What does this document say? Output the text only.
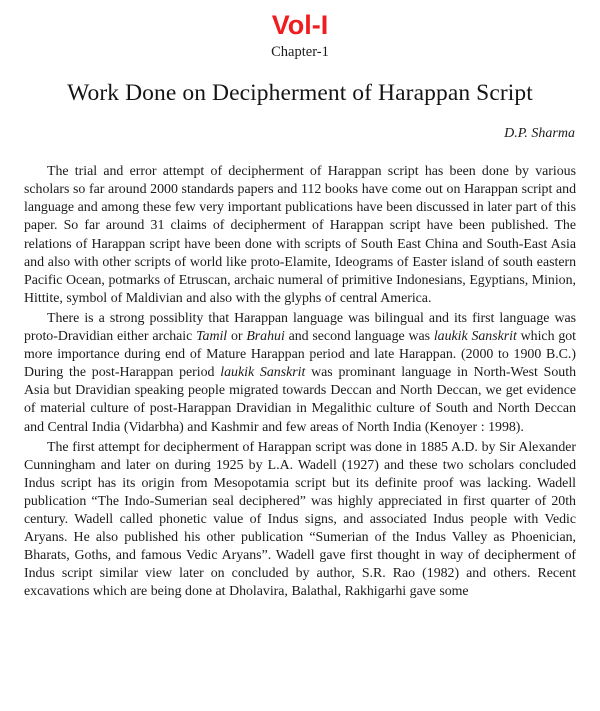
Vol-I
Chapter-1
Work Done on Decipherment of Harappan Script
D.P. Sharma

The trial and error attempt of decipherment of Harappan script has been done by various scholars so far around 2000 standards papers and 112 books have come out on Harappan script and language and among these few very important publications have been discussed in later part of this paper. So far around 31 claims of decipherment of Harappan script have been published. The relations of Harappan script have been done with scripts of South East China and South-East Asia and also with other scripts of world like proto-Elamite, Ideograms of Easter island of south eastern Pacific Ocean, potmarks of Etruscan, archaic numeral of primitive Indonesians, Egyptians, Minion, Hittite, symbol of Maldivian and also with the glyphs of central America.

There is a strong possiblity that Harappan language was bilingual and its first language was proto-Dravidian either archaic Tamil or Brahui and second language was laukik Sanskrit which got more importance during end of Mature Harappan period and late Harappan. (2000 to 1900 B.C.) During the post-Harappan period laukik Sanskrit was prominant language in North-West South Asia but Dravidian speaking people migrated towards Deccan and North Deccan, we get evidence of material culture of post-Harappan Dravidian in Megalithic culture of South and North Deccan and Central India (Vidarbha) and Kashmir and few areas of North India (Kenoyer : 1998).

The first attempt for decipherment of Harappan script was done in 1885 A.D. by Sir Alexander Cunningham and later on during 1925 by L.A. Wadell (1927) and these two scholars concluded Indus script has its origin from Mesopotamia script but its definite proof was lacking. Wadell publication “The Indo-Sumerian seal deciphered” was highly appreciated in first quarter of 20th century. Wadell called phonetic value of Indus signs, and associated Indus people with Vedic Aryans. He also published his other publication “Sumerian of the Indus Valley as Phoenician, Bharats, Goths, and famous Vedic Aryans”. Wadell gave first thought in way of decipherment of Indus script similar view later on concluded by author, S.R. Rao (1982) and others. Recent excavations which are being done at Dholavira, Balathal, Rakhigarhi gave some
